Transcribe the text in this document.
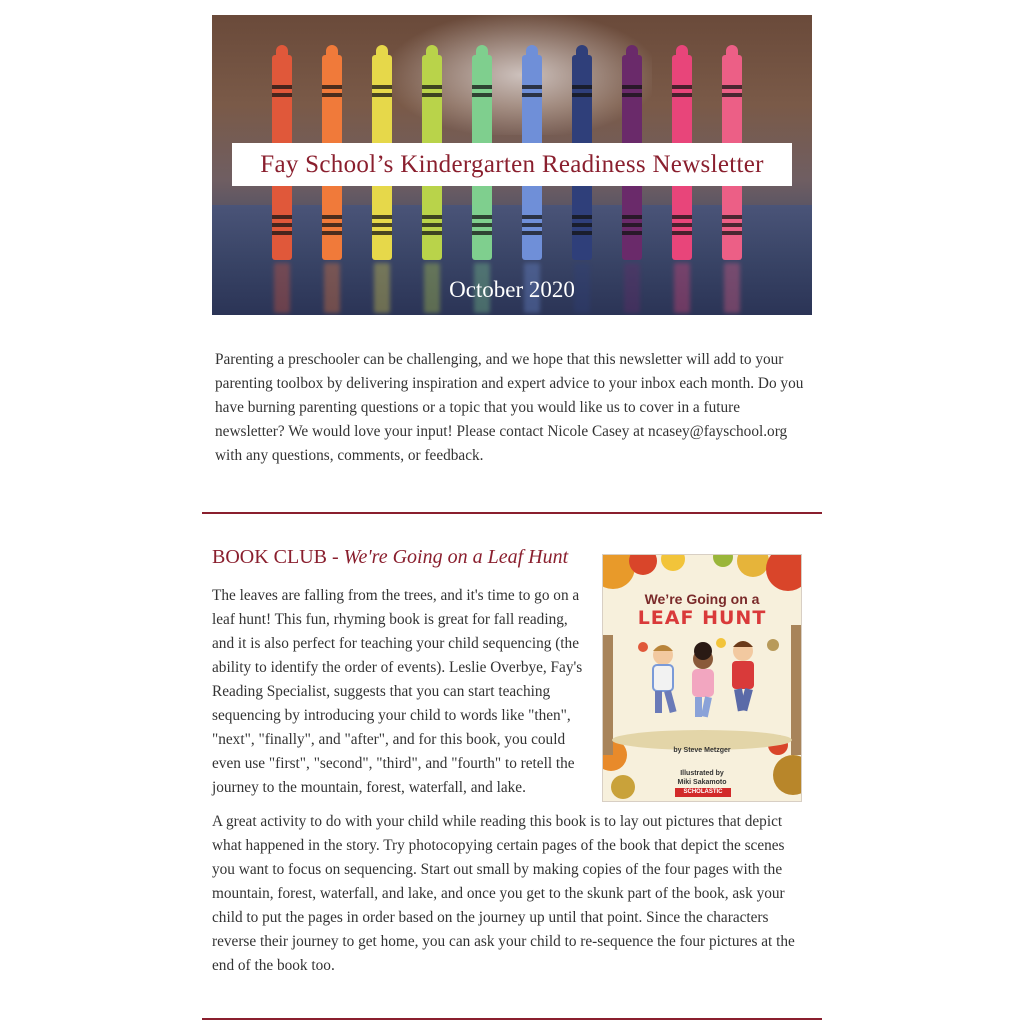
Fay School’s Kindergarten Readiness Newsletter
October 2020

Parenting a preschooler can be challenging, and we hope that this newsletter will add to your parenting toolbox by delivering inspiration and expert advice to your inbox each month. Do you have burning parenting questions or a topic that you would like us to cover in a future newsletter? We would love your input! Please contact Nicole Casey at ncasey@fayschool.org with any questions, comments, or feedback.

BOOK CLUB - We're Going on a Leaf Hunt
We’re Going on a
LEAF HUNT
by Steve Metzger
Illustrated by
Miki Sakamoto
SCHOLASTIC

The leaves are falling from the trees, and it's time to go on a leaf hunt! This fun, rhyming book is great for fall reading, and it is also perfect for teaching your child sequencing (the ability to identify the order of events). Leslie Overbye, Fay's Reading Specialist, suggests that you can start teaching sequencing by introducing your child to words like "then", "next", "finally", and "after", and for this book, you could even use "first", "second", "third", and "fourth" to retell the journey to the mountain, forest, waterfall, and lake.

A great activity to do with your child while reading this book is to lay out pictures that depict what happened in the story. Try photocopying certain pages of the book that depict the scenes you want to focus on sequencing. Start out small by making copies of the four pages with the mountain, forest, waterfall, and lake, and once you get to the skunk part of the book, ask your child to put the pages in order based on the journey up until that point. Since the characters reverse their journey to get home, you can ask your child to re-sequence the four pictures at the end of the book too.
